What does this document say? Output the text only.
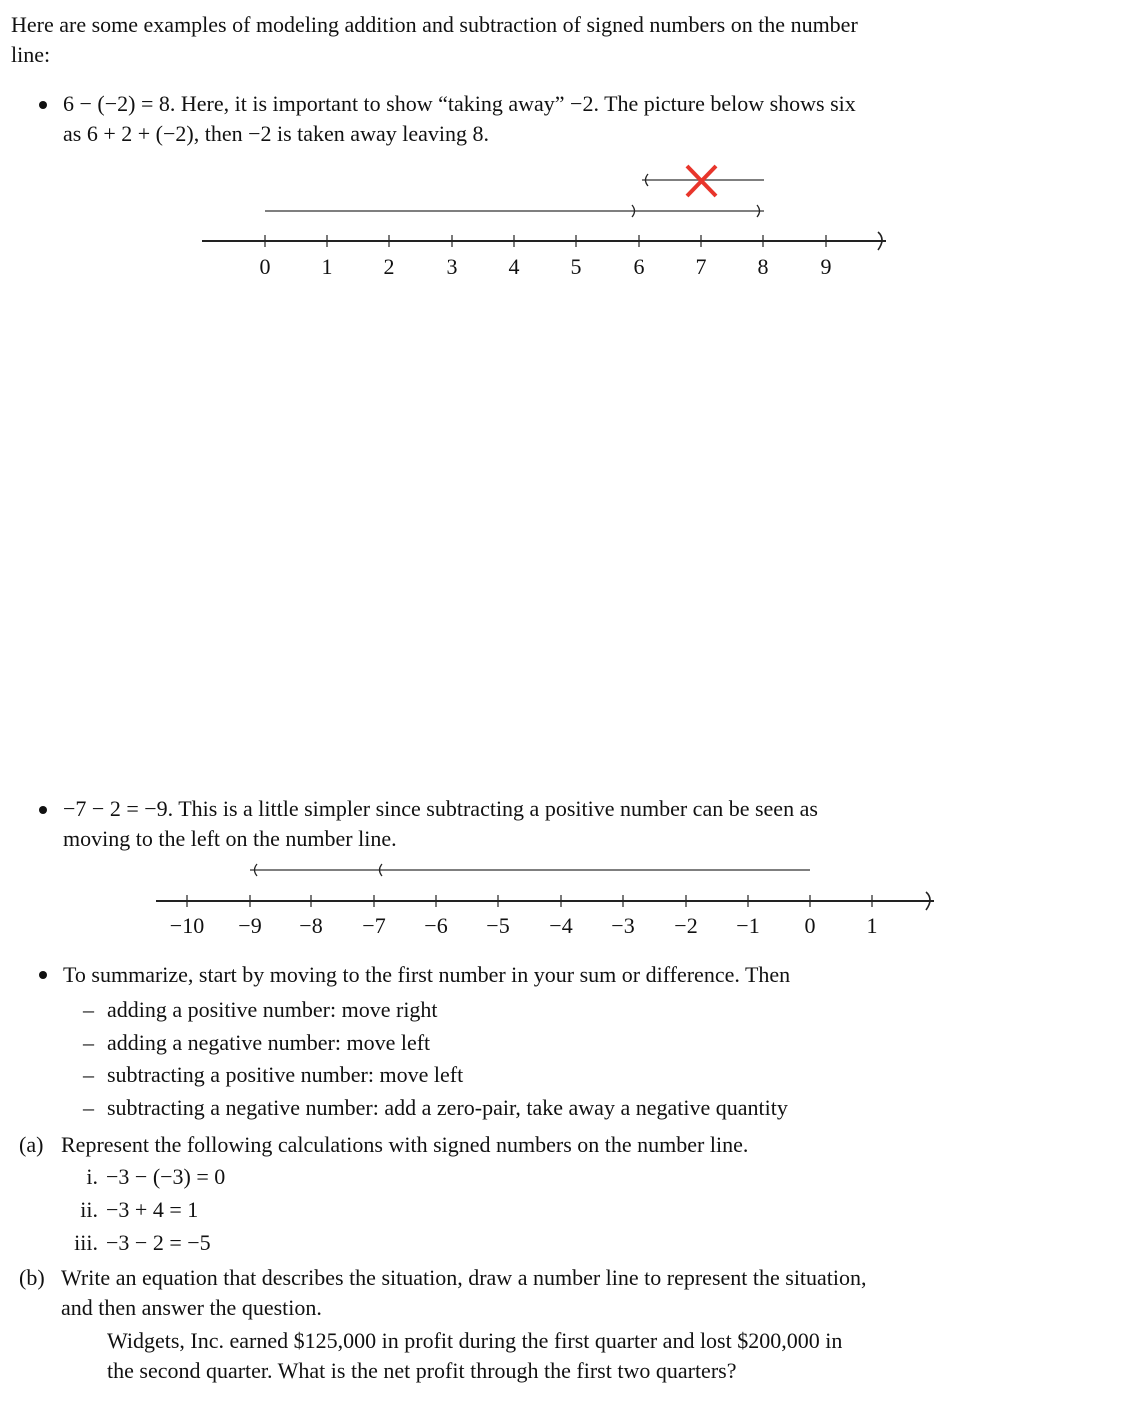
Here are some examples of modeling addition and subtraction of signed numbers on the number
line:
6 − (−2) = 8. Here, it is important to show “taking away” −2. The picture below shows six
as 6 + 2 + (−2), then −2 is taken away leaving 8.
0 1 2 3 4 5 6 7 8 9
−7 − 2 = −9. This is a little simpler since subtracting a positive number can be seen as
moving to the left on the number line.
−10 −9 −8 −7 −6 −5 −4 −3 −2 −1 0 1
To summarize, start by moving to the first number in your sum or difference. Then
– adding a positive number: move right
– adding a negative number: move left
– subtracting a positive number: move left
– subtracting a negative number: add a zero-pair, take away a negative quantity
(a) Represent the following calculations with signed numbers on the number line.
i. −3 − (−3) = 0
ii. −3 + 4 = 1
iii. −3 − 2 = −5
(b) Write an equation that describes the situation, draw a number line to represent the situation,
and then answer the question.
Widgets, Inc. earned $125,000 in profit during the first quarter and lost $200,000 in
the second quarter. What is the net profit through the first two quarters?
